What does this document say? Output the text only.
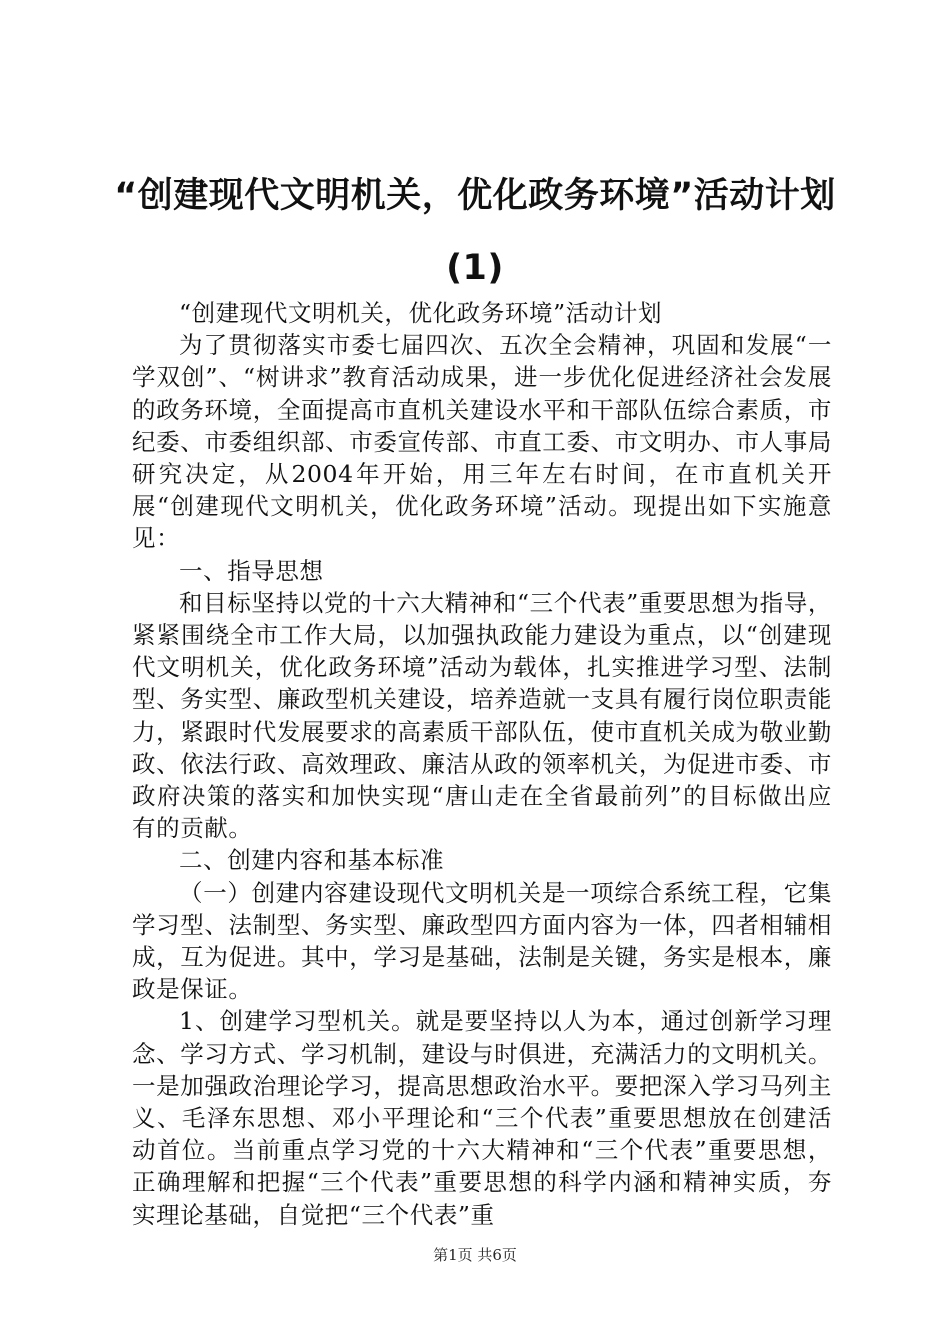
“创建现代文明机关，优化政务环境”活动计划(1)

“创建现代文明机关，优化政务环境”活动计划

为了贯彻落实市委七届四次、五次全会精神，巩固和发展“一学双创”、“树讲求”教育活动成果，进一步优化促进经济社会发展的政务环境，全面提高市直机关建设水平和干部队伍综合素质，市纪委、市委组织部、市委宣传部、市直工委、市文明办、市人事局研究决定，从2004年开始，用三年左右时间，在市直机关开展“创建现代文明机关，优化政务环境”活动。现提出如下实施意见：

一、指导思想

和目标坚持以党的十六大精神和“三个代表”重要思想为指导，紧紧围绕全市工作大局，以加强执政能力建设为重点，以“创建现代文明机关，优化政务环境”活动为载体，扎实推进学习型、法制型、务实型、廉政型机关建设，培养造就一支具有履行岗位职责能力，紧跟时代发展要求的高素质干部队伍，使市直机关成为敬业勤政、依法行政、高效理政、廉洁从政的领率机关，为促进市委、市政府决策的落实和加快实现“唐山走在全省最前列”的目标做出应有的贡献。

二、创建内容和基本标准

（一）创建内容建设现代文明机关是一项综合系统工程，它集学习型、法制型、务实型、廉政型四方面内容为一体，四者相辅相成，互为促进。其中，学习是基础，法制是关键，务实是根本，廉政是保证。

1、创建学习型机关。就是要坚持以人为本，通过创新学习理念、学习方式、学习机制，建设与时俱进，充满活力的文明机关。一是加强政治理论学习，提高思想政治水平。要把深入学习马列主义、毛泽东思想、邓小平理论和“三个代表”重要思想放在创建活动首位。当前重点学习党的十六大精神和“三个代表”重要思想，正确理解和把握“三个代表”重要思想的科学内涵和精神实质，夯实理论基础，自觉把“三个代表”重

第1页 共6页
